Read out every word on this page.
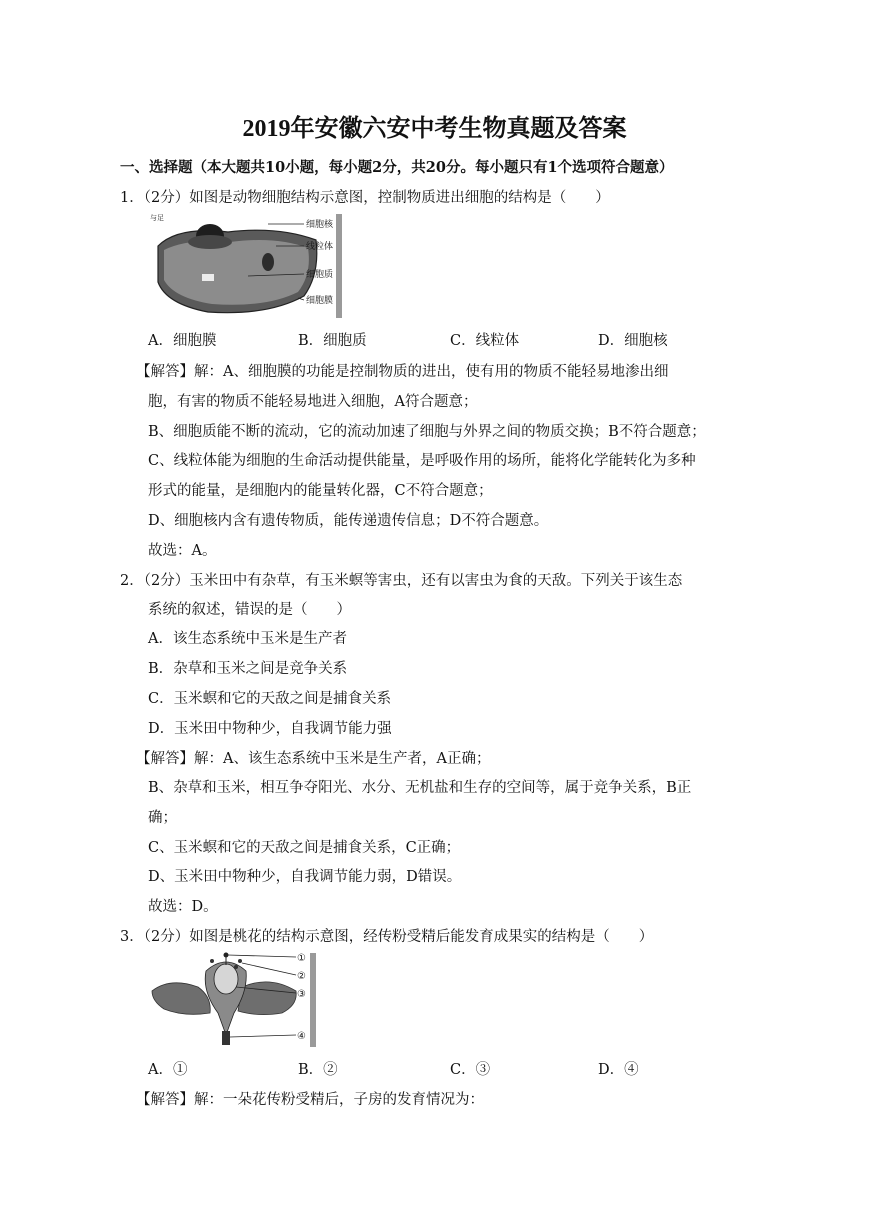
2019年安徽六安中考生物真题及答案
一、选择题（本大题共10小题，每小题2分，共20分。每小题只有1个选项符合题意）
1．（2分）如图是动物细胞结构示意图，控制物质进出细胞的结构是（　　）
与足
细胞核
线粒体
细胞质
细胞膜
A．细胞膜	B．细胞质	C．线粒体	D．细胞核
【解答】解：A、细胞膜的功能是控制物质的进出，使有用的物质不能轻易地渗出细
胞，有害的物质不能轻易地进入细胞，A符合题意；
B、细胞质能不断的流动，它的流动加速了细胞与外界之间的物质交换；B不符合题意；
C、线粒体能为细胞的生命活动提供能量，是呼吸作用的场所，能将化学能转化为多种
形式的能量，是细胞内的能量转化器，C不符合题意；
D、细胞核内含有遗传物质，能传递遗传信息；D不符合题意。
故选：A。
2．（2分）玉米田中有杂草，有玉米螟等害虫，还有以害虫为食的天敌。下列关于该生态
系统的叙述，错误的是（　　）
A．该生态系统中玉米是生产者
B．杂草和玉米之间是竞争关系
C．玉米螟和它的天敌之间是捕食关系
D．玉米田中物种少，自我调节能力强
【解答】解：A、该生态系统中玉米是生产者，A正确；
B、杂草和玉米，相互争夺阳光、水分、无机盐和生存的空间等，属于竞争关系，B正
确；
C、玉米螟和它的天敌之间是捕食关系，C正确；
D、玉米田中物种少，自我调节能力弱，D错误。
故选：D。
3．（2分）如图是桃花的结构示意图，经传粉受精后能发育成果实的结构是（　　）
①
②
③
④
A．①	B．②	C．③	D．④
【解答】解：一朵花传粉受精后，子房的发育情况为：
